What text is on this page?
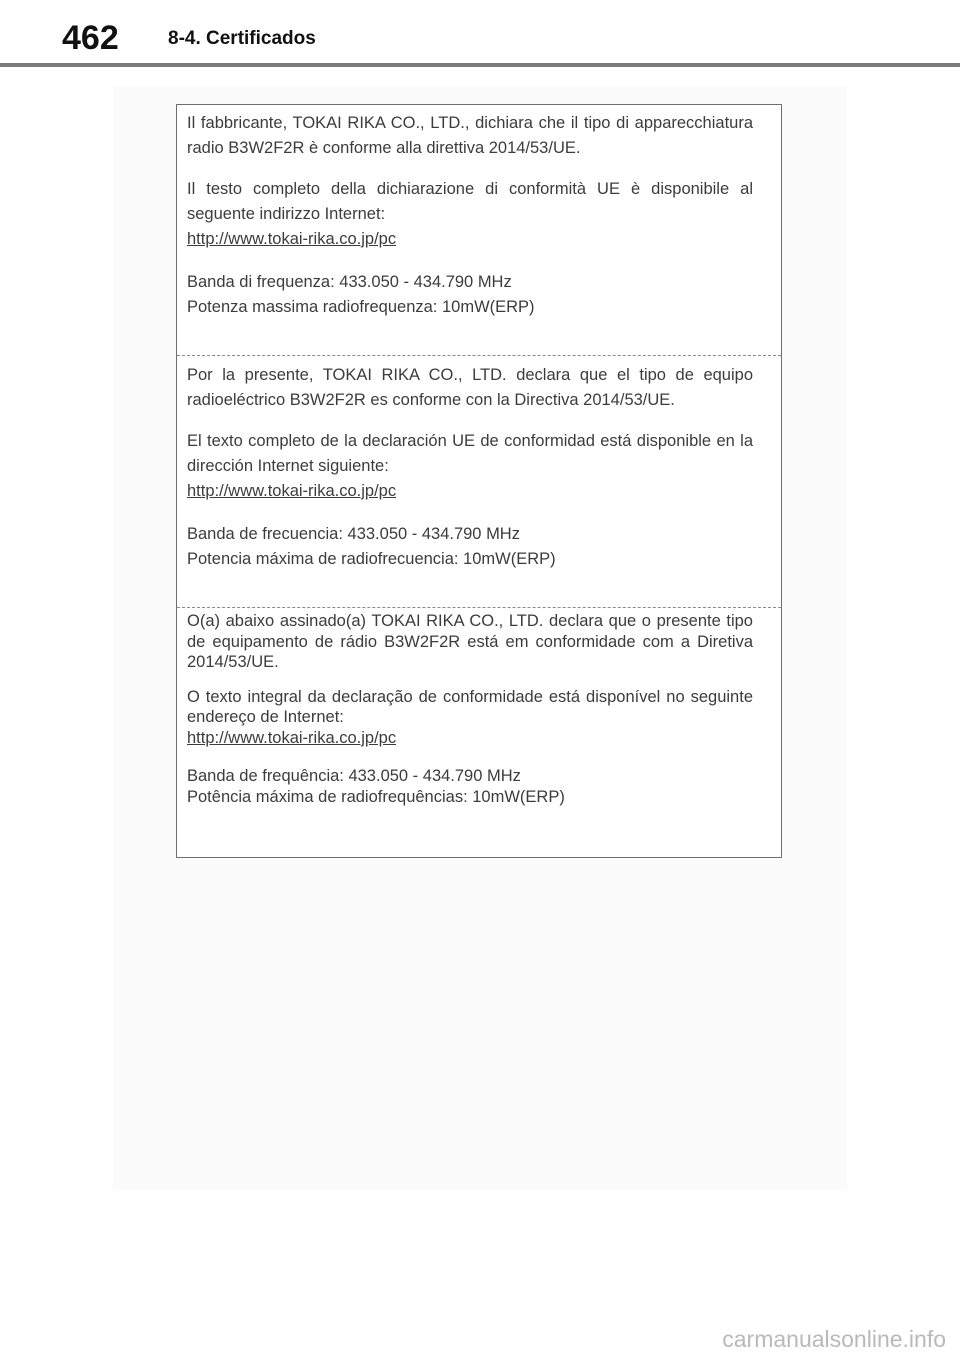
462	8-4. Certificados

Il fabbricante, TOKAI RIKA CO., LTD., dichiara che il tipo di apparecchiatura radio B3W2F2R è conforme alla direttiva 2014/53/UE.

Il testo completo della dichiarazione di conformità UE è disponibile al seguente indirizzo Internet:

http://www.tokai-rika.co.jp/pc
Banda di frequenza: 433.050 - 434.790 MHz
Potenza massima radiofrequenza: 10mW(ERP)

Por la presente, TOKAI RIKA CO., LTD. declara que el tipo de equipo radioeléctrico B3W2F2R es conforme con la Directiva 2014/53/UE.

El texto completo de la declaración UE de conformidad está disponible en la dirección Internet siguiente:

http://www.tokai-rika.co.jp/pc
Banda de frecuencia: 433.050 - 434.790 MHz
Potencia máxima de radiofrecuencia: 10mW(ERP)

O(a) abaixo assinado(a) TOKAI RIKA CO., LTD. declara que o presente tipo de equipamento de rádio B3W2F2R está em conformidade com a Diretiva 2014/53/UE.

O texto integral da declaração de conformidade está disponível no seguinte endereço de Internet:

http://www.tokai-rika.co.jp/pc
Banda de frequência: 433.050 - 434.790 MHz
Potência máxima de radiofrequências: 10mW(ERP)
carmanualsonline.info
